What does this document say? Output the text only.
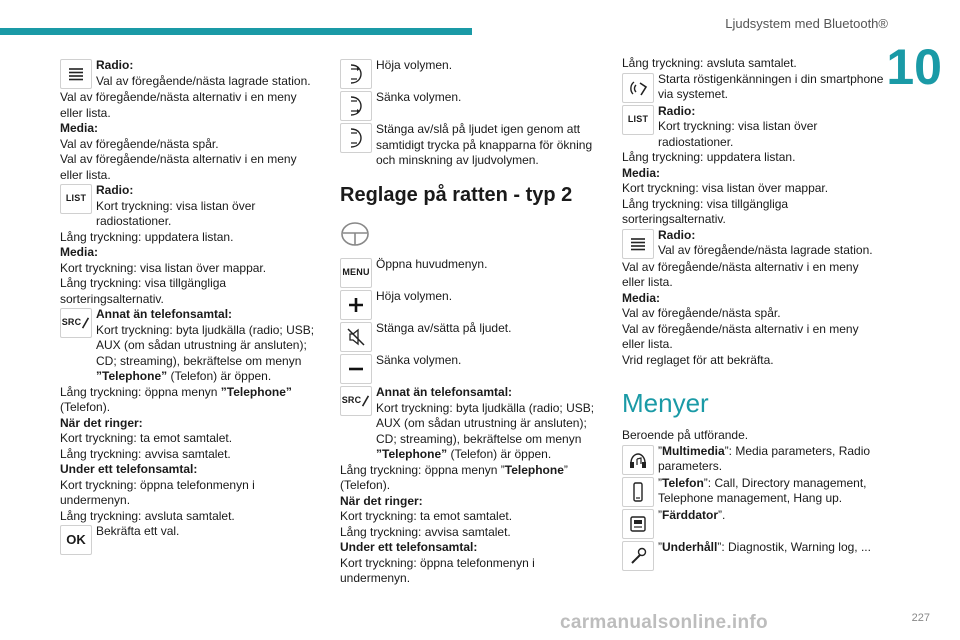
Ljudsystem med Bluetooth®
10

Radio:

Val av föregående/nästa lagrade station.

Val av föregående/nästa alternativ i en meny eller lista.

Media:

Val av föregående/nästa spår.

Val av föregående/nästa alternativ i en meny eller lista.

LIST

Radio:

Kort tryckning: visa listan över radiostationer.

Lång tryckning: uppdatera listan.

Media:

Kort tryckning: visa listan över mappar.

Lång tryckning: visa tillgängliga sorteringsalternativ.

SRC

Annat än telefonsamtal:

Kort tryckning: byta ljudkälla (radio; USB; AUX (om sådan utrustning är ansluten); CD; streaming), bekräftelse om menyn ”Telephone” (Telefon) är öppen.

Lång tryckning: öppna menyn ”Telephone” (Telefon).

När det ringer:

Kort tryckning: ta emot samtalet.

Lång tryckning: avvisa samtalet.

Under ett telefonsamtal:

Kort tryckning: öppna telefonmenyn i undermenyn.

Lång tryckning: avsluta samtalet.

OK

Bekräfta ett val.

Höja volymen.

Sänka volymen.

Stänga av/slå på ljudet igen genom att samtidigt trycka på knapparna för ökning och minskning av ljudvolymen.

Reglage på ratten - typ 2
MENU

Öppna huvudmenyn.

Höja volymen.

Stänga av/sätta på ljudet.

Sänka volymen.

SRC

Annat än telefonsamtal:

Kort tryckning: byta ljudkälla (radio; USB; AUX (om sådan utrustning är ansluten); CD; streaming), bekräftelse om menyn ”Telephone” (Telefon) är öppen.

Lång tryckning: öppna menyn ”Telephone” (Telefon).

När det ringer:

Kort tryckning: ta emot samtalet.

Lång tryckning: avvisa samtalet.

Under ett telefonsamtal:

Kort tryckning: öppna telefonmenyn i undermenyn.

Lång tryckning: avsluta samtalet.

Starta röstigenkänningen i din smartphone via systemet.

LIST

Radio:

Kort tryckning: visa listan över radiostationer.

Lång tryckning: uppdatera listan.

Media:

Kort tryckning: visa listan över mappar.

Lång tryckning: visa tillgängliga sorteringsalternativ.

Radio:

Val av föregående/nästa lagrade station.

Val av föregående/nästa alternativ i en meny eller lista.

Media:

Val av föregående/nästa spår.

Val av föregående/nästa alternativ i en meny eller lista.

Vrid reglaget för att bekräfta.

Menyer

Beroende på utförande.

”Multimedia”: Media parameters, Radio parameters.

”Telefon”: Call, Directory management, Telephone management, Hang up.

”Färddator”.

”Underhåll”: Diagnostik, Warning log, ...

carmanualsonline.info	227
